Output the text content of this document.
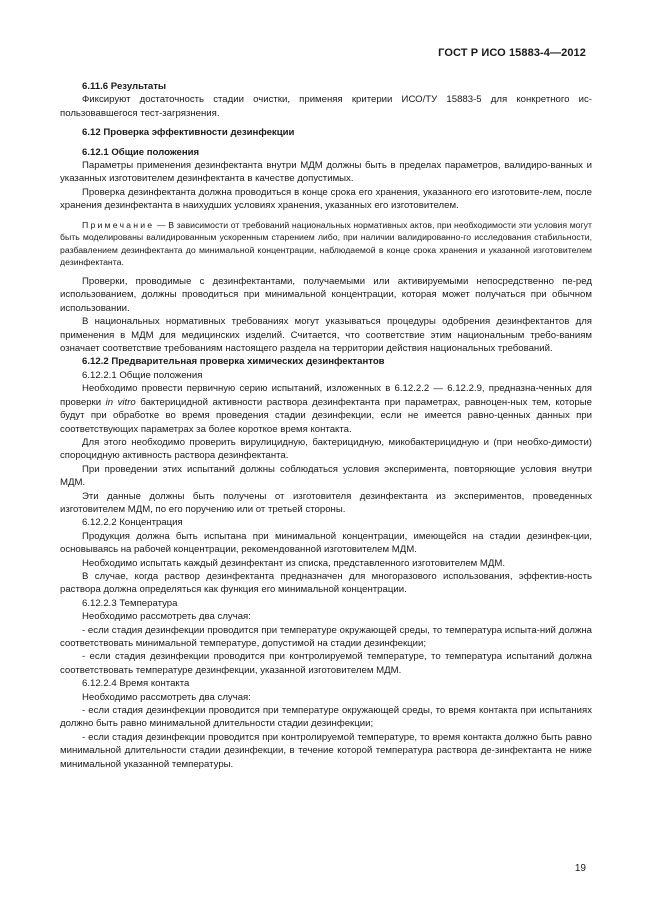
ГОСТ Р ИСО 15883-4—2012

6.11.6 Результаты

Фиксируют достаточность стадии очистки, применяя критерии ИСО/ТУ 15883-5 для конкретного ис-пользовавшегося тест-загрязнения.

6.12 Проверка эффективности дезинфекции

6.12.1 Общие положения

Параметры применения дезинфектанта внутри МДМ должны быть в пределах параметров, валидиро-ванных и указанных изготовителем дезинфектанта в качестве допустимых.

Проверка дезинфектанта должна проводиться в конце срока его хранения, указанного его изготовите-лем, после хранения дезинфектанта в наихудших условиях хранения, указанных его изготовителем.

Примечание — В зависимости от требований национальных нормативных актов, при необходимости эти условия могут быть моделированы валидированным ускоренным старением либо, при наличии валидированно-го исследования стабильности, разбавлением дезинфектанта до минимальной концентрации, наблюдаемой в конце срока хранения и указанной изготовителем дезинфектанта.

Проверки, проводимые с дезинфектантами, получаемыми или активируемыми непосредственно пе-ред использованием, должны проводиться при минимальной концентрации, которая может получаться при обычном использовании.

В национальных нормативных требованиях могут указываться процедуры одобрения дезинфектантов для применения в МДМ для медицинских изделий. Считается, что соответствие этим национальным требо-ваниям означает соответствие требованиям настоящего раздела на территории действия национальных требований.

6.12.2 Предварительная проверка химических дезинфектантов

6.12.2.1 Общие положения

Необходимо провести первичную серию испытаний, изложенных в 6.12.2.2 — 6.12.2.9, предназна-ченных для проверки in vitro бактерицидной активности раствора дезинфектанта при параметрах, равноцен-ных тем, которые будут при обработке во время проведения стадии дезинфекции, если не имеется равно-ценных данных при соответствующих параметрах за более короткое время контакта.

Для этого необходимо проверить вирулицидную, бактерицидную, микобактерицидную и (при необхо-димости) спороцидную активность раствора дезинфектанта.

При проведении этих испытаний должны соблюдаться условия эксперимента, повторяющие условия внутри МДМ.

Эти данные должны быть получены от изготовителя дезинфектанта из экспериментов, проведенных изготовителем МДМ, по его поручению или от третьей стороны.

6.12.2.2 Концентрация

Продукция должна быть испытана при минимальной концентрации, имеющейся на стадии дезинфек-ции, основываясь на рабочей концентрации, рекомендованной изготовителем МДМ.

Необходимо испытать каждый дезинфектант из списка, представленного изготовителем МДМ.

В случае, когда раствор дезинфектанта предназначен для многоразового использования, эффектив-ность раствора должна определяться как функция его минимальной концентрации.

6.12.2.3 Температура

Необходимо рассмотреть два случая:

- если стадия дезинфекции проводится при температуре окружающей среды, то температура испыта-ний должна соответствовать минимальной температуре, допустимой на стадии дезинфекции;

- если стадия дезинфекции проводится при контролируемой температуре, то температура испытаний должна соответствовать температуре дезинфекции, указанной изготовителем МДМ.

6.12.2.4 Время контакта

Необходимо рассмотреть два случая:

- если стадия дезинфекции проводится при температуре окружающей среды, то время контакта при испытаниях должно быть равно минимальной длительности стадии дезинфекции;

- если стадия дезинфекции проводится при контролируемой температуре, то время контакта должно быть равно минимальной длительности стадии дезинфекции, в течение которой температура раствора де-зинфектанта не ниже минимальной указанной температуры.

19
